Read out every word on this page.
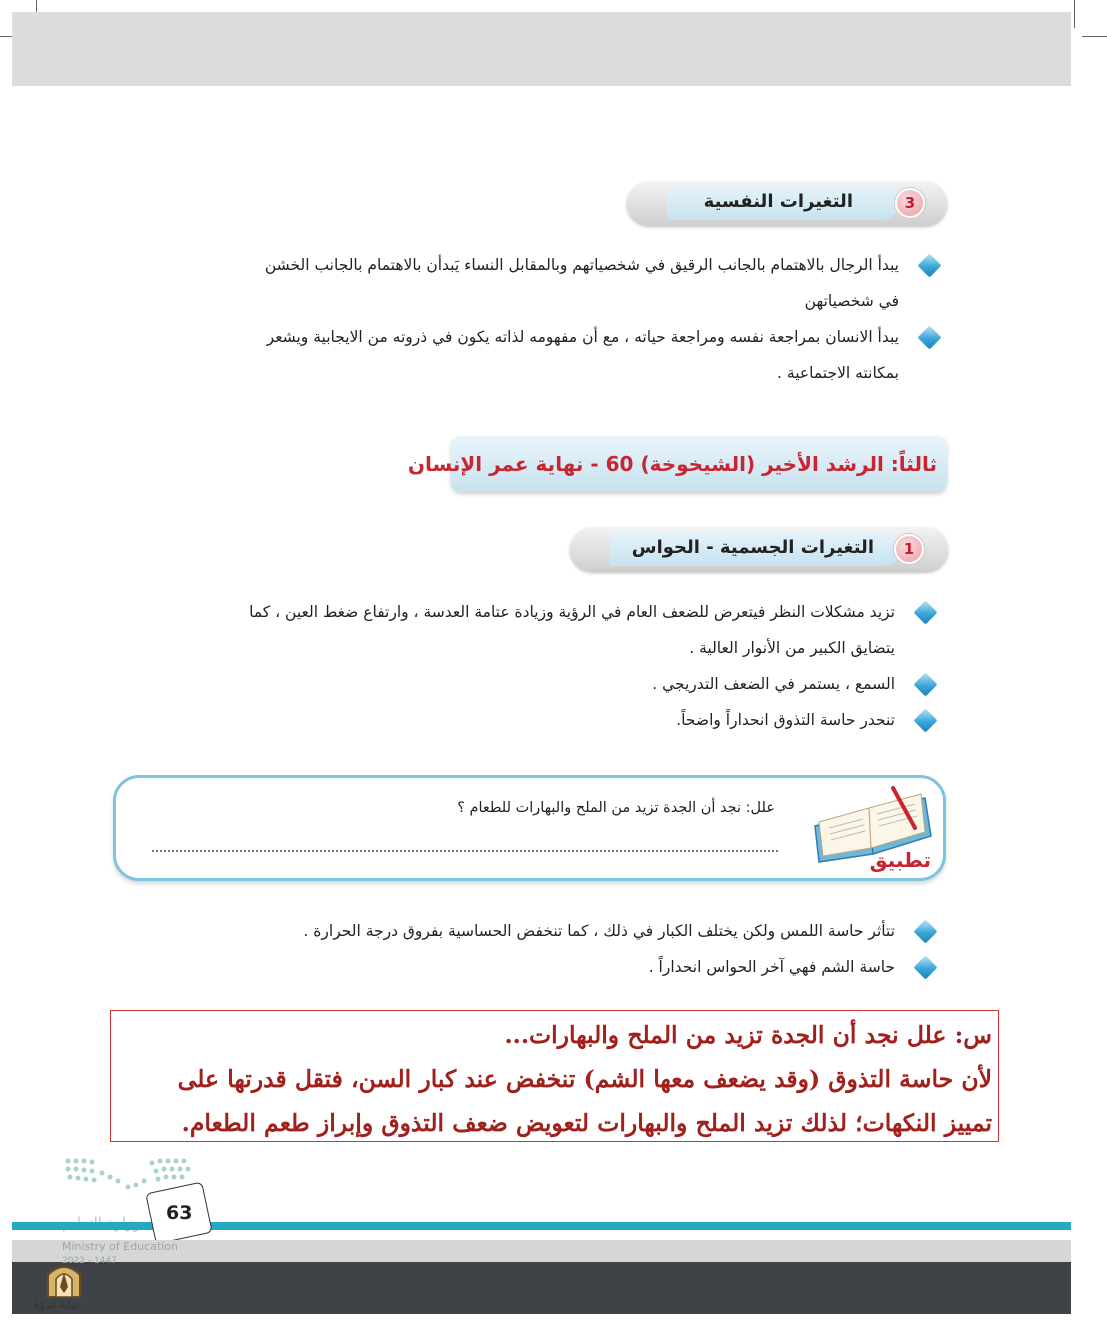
التغيرات النفسية	3
يبدأ الرجال بالاهتمام بالجانب الرقيق في شخصياتهم وبالمقابل النساء يَبدأن بالاهتمام بالجانب الخشن
في شخصياتهن
يبدأ الانسان بمراجعة نفسه ومراجعة حياته ، مع أن مفهومه لذاته يكون في ذروته من الايجابية ويشعر
بمكانته الاجتماعية .
ثالثاً: الرشد الأخير (الشيخوخة) 60 - نهاية عمر الإنسان
التغيرات الجسمية - الحواس	1
تزيد مشكلات النظر فيتعرض للضعف العام في الرؤية وزيادة عتامة العدسة ، وارتفاع ضغط العين ، كما
يتضايق الكبير من الأنوار العالية .
السمع ، يستمر في الضعف التدريجي .
تنحدر حاسة التذوق انحداراً واضحاً.
علل: نجد أن الجدة تزيد من الملح والبهارات للطعام ؟
تطبيق
تتأثر حاسة اللمس ولكن يختلف الكبار في ذلك ، كما تنخفض الحساسية بفروق درجة الحرارة .
حاسة الشم فهي آخر الحواس انحداراً .
س: علل نجد أن الجدة تزيد من الملح والبهارات...
لأن حاسة التذوق (وقد يضعف معها الشم) تنخفض عند كبار السن، فتقل قدرتها على
تمييز النكهات؛ لذلك تزيد الملح والبهارات لتعويض ضعف التذوق وإبراز طعم الطعام.
63
Ministry of Education
2022 - 1447
بوابة الرؤيا
